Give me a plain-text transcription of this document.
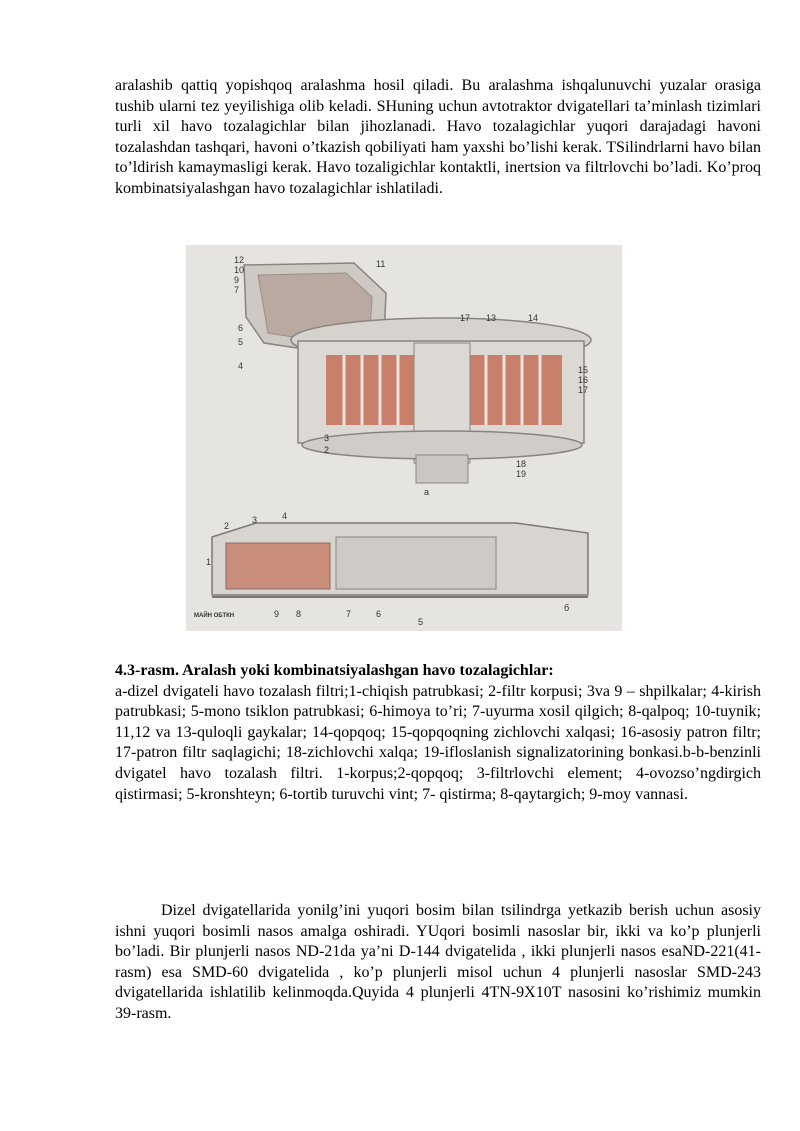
aralashib qattiq yopishqoq aralashma hosil qiladi. Bu aralashma ishqalunuvchi yuzalar orasiga tushib ularni tez yeyilishiga olib keladi. SHuning uchun avtotraktor dvigatellari ta’minlash tizimlari turli xil havo tozalagichlar bilan jihozlanadi. Havo tozalagichlar yuqori darajadagi havoni tozalashdan tashqari, havoni o’tkazish qobiliyati ham yaxshi bo’lishi kerak. TSilindrlarni havo bilan to’ldirish kamaymasligi kerak. Havo tozaligichlar kontaktli, inertsion va filtrlovchi bo’ladi. Ko’proq kombinatsiyalashgan havo tozalagichlar ishlatiladi.

12
10
9
7
6
5
4
3
2
11
17 13	14
15
16
17
18
19
a
4
3
2
1
9 8	7	6
5
б
МАЙН ОБТКН
4.3-rasm. Aralash yoki kombinatsiyalashgan havo tozalagichlar:
a-dizel dvigateli havo tozalash filtri;1-chiqish patrubkasi; 2-filtr korpusi; 3va 9 – shpilkalar; 4-kirish patrubkasi; 5-mono tsiklon patrubkasi; 6-himoya to’ri; 7-uyurma xosil qilgich; 8-qalpoq; 10-tuynik; 11,12 va 13-quloqli gaykalar; 14-qopqoq; 15-qopqoqning zichlovchi xalqasi; 16-asosiy patron filtr; 17-patron filtr saqlagichi; 18-zichlovchi xalqa; 19-ifloslanish signalizatorining bonkasi.b-b-benzinli dvigatel havo tozalash filtri. 1-korpus;2-qopqoq; 3-filtrlovchi element; 4-ovozso’ngdirgich qistirmasi; 5-kronshteyn; 6-tortib turuvchi vint; 7- qistirma; 8-qaytargich; 9-moy vannasi.

Dizel dvigatellarida yonilg’ini yuqori bosim bilan tsilindrga yetkazib berish uchun asosiy ishni yuqori bosimli nasos amalga oshiradi. YUqori bosimli nasoslar bir, ikki va ko’p plunjerli bo’ladi. Bir plunjerli nasos ND-21da ya’ni D-144 dvigatelida , ikki plunjerli nasos esaND-221(41-rasm) esa SMD-60 dvigatelida , ko’p plunjerli misol uchun 4 plunjerli nasoslar SMD-243 dvigatellarida ishlatilib kelinmoqda.Quyida 4 plunjerli 4TN-9X10T nasosini ko’rishimiz mumkin 39-rasm.
